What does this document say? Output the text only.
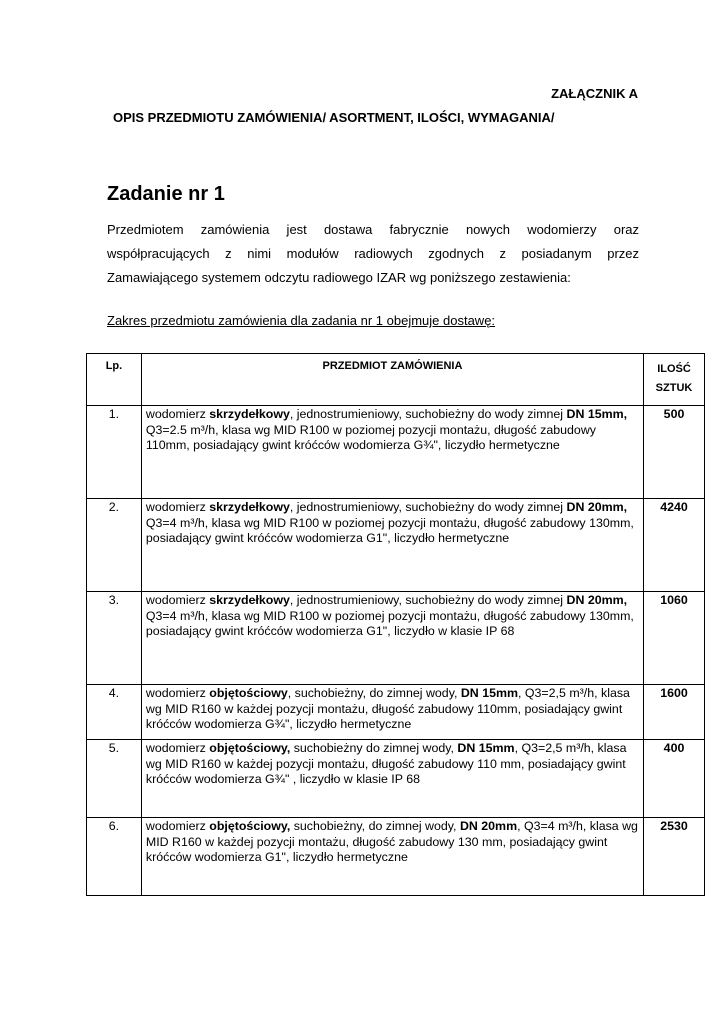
ZAŁĄCZNIK A
OPIS PRZEDMIOTU ZAMÓWIENIA/ ASORTMENT, ILOŚCI, WYMAGANIA/
Zadanie nr 1
Przedmiotem zamówienia jest dostawa fabrycznie nowych wodomierzy oraz
współpracujących z nimi modułów radiowych zgodnych z posiadanym przez
Zamawiającego systemem odczytu radiowego IZAR wg poniższego zestawienia:
Zakres przedmiotu zamówienia dla zadania nr 1 obejmuje dostawę:
Lp.	PRZEDMIOT ZAMÓWIENIA	ILOŚĆ
SZTUK

1.	wodomierz skrzydełkowy, jednostrumieniowy, suchobieżny do wody zimnej DN 15mm,
Q3=2.5 m³/h, klasa wg MID R100 w poziomej pozycji montażu, długość zabudowy 110mm, posiadający gwint króćców wodomierza G¾", liczydło hermetyczne	500
2.	wodomierz skrzydełkowy, jednostrumieniowy, suchobieżny do wody zimnej DN 20mm,
Q3=4 m³/h, klasa wg MID R100 w poziomej pozycji montażu, długość zabudowy 130mm, posiadający gwint króćców wodomierza G1", liczydło hermetyczne	4240
3.	wodomierz skrzydełkowy, jednostrumieniowy, suchobieżny do wody zimnej DN 20mm,
Q3=4 m³/h, klasa wg MID R100 w poziomej pozycji montażu, długość zabudowy 130mm, posiadający gwint króćców wodomierza G1", liczydło w klasie IP 68	1060
4.	wodomierz objętościowy, suchobieżny, do zimnej wody, DN 15mm, Q3=2,5 m³/h, klasa wg MID R160 w każdej pozycji montażu, długość zabudowy 110mm, posiadający gwint króćców wodomierza G¾", liczydło hermetyczne	1600
5.	wodomierz objętościowy, suchobieżny do zimnej wody, DN 15mm, Q3=2,5 m³/h, klasa wg MID R160 w każdej pozycji montażu, długość zabudowy 110 mm, posiadający gwint króćców wodomierza G¾" , liczydło w klasie IP 68	400
6.	wodomierz objętościowy, suchobieżny, do zimnej wody, DN 20mm, Q3=4 m³/h, klasa wg MID R160 w każdej pozycji montażu, długość zabudowy 130 mm, posiadający gwint króćców wodomierza G1", liczydło hermetyczne	2530
